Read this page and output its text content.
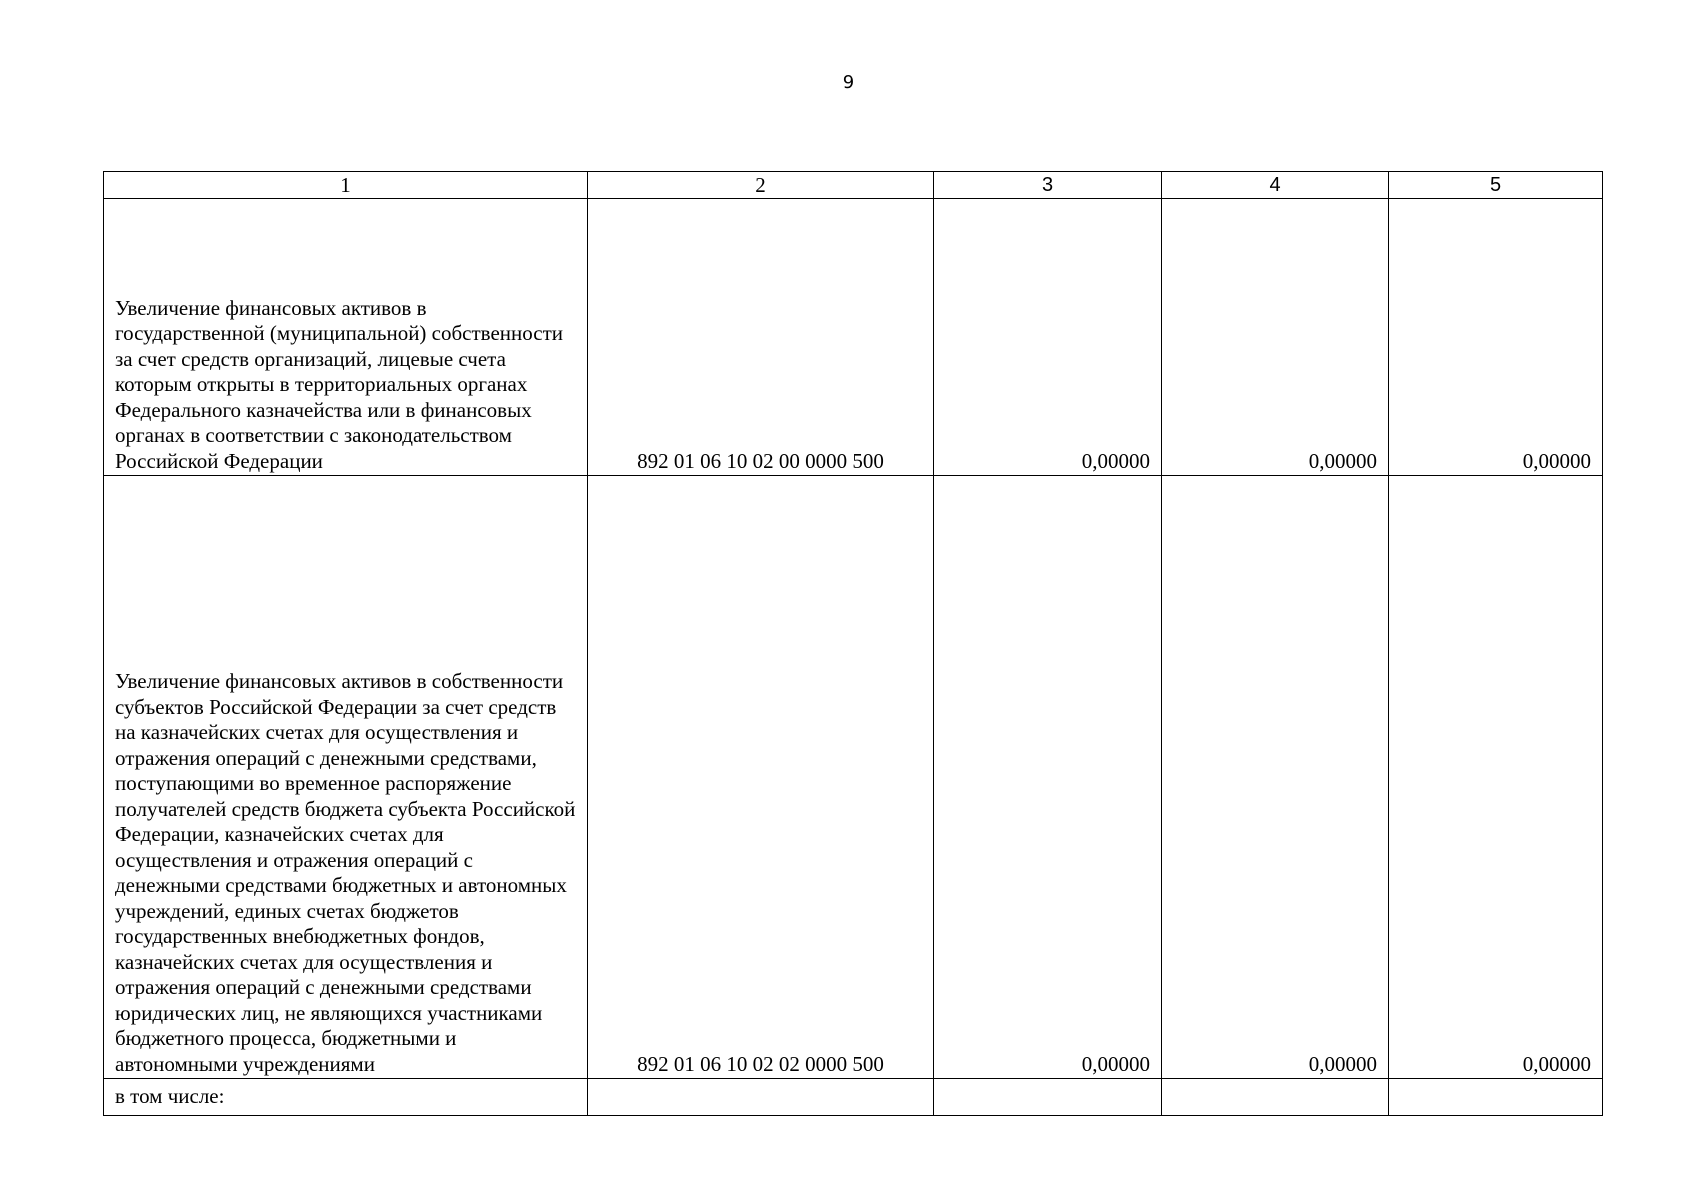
9
1	2	3	4	5
Увеличение финансовых активов в государственной (муниципальной) собственности за счет средств организаций, лицевые счета которым открыты в территориальных органах Федерального казначейства или в финансовых органах в соответствии с законодательством Российской Федерации	892 01 06 10 02 00 0000 500	0,00000	0,00000	0,00000
Увеличение финансовых активов в собственности субъектов Российской Федерации за счет средств на казначейских счетах для осуществления и отражения операций с денежными средствами, поступающими во временное распоряжение получателей средств бюджета субъекта Российской Федерации, казначейских счетах для осуществления и отражения операций с денежными средствами бюджетных и автономных учреждений, единых счетах бюджетов государственных внебюджетных фондов, казначейских счетах для осуществления и отражения операций с денежными средствами юридических лиц, не являющихся участниками бюджетного процесса, бюджетными и автономными учреждениями	892 01 06 10 02 02 0000 500	0,00000	0,00000	0,00000
в том числе:				
